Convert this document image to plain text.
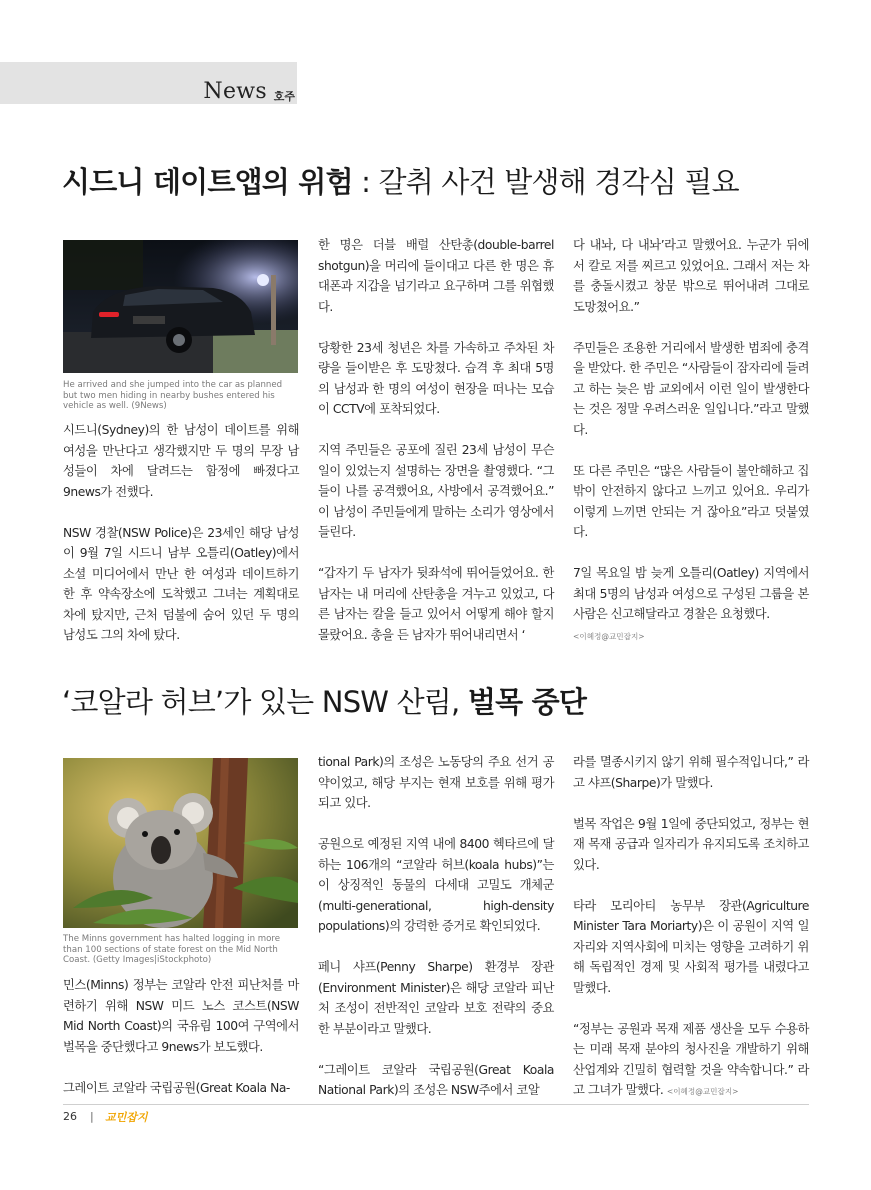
News 호주
시드니 데이트앱의 위험 : 갈취 사건 발생해 경각심 필요
He arrived and she jumped into the car as planned but two men hiding in nearby bushes entered his vehicle as well. (9News)

시드니(Sydney)의 한 남성이 데이트를 위해 여성을 만난다고 생각했지만 두 명의 무장 남성들이 차에 달려드는 함정에 빠졌다고 9news가 전했다.

NSW 경찰(NSW Police)은 23세인 해당 남성이 9월 7일 시드니 남부 오틀리(Oatley)에서 소셜 미디어에서 만난 한 여성과 데이트하기 한 후 약속장소에 도착했고 그녀는 계획대로 차에 탔지만, 근처 덤불에 숨어 있던 두 명의 남성도 그의 차에 탔다.

한 명은 더블 배럴 산탄총(double-barrel shotgun)을 머리에 들이대고 다른 한 명은 휴대폰과 지갑을 넘기라고 요구하며 그를 위협했다.

당황한 23세 청년은 차를 가속하고 주차된 차량을 들이받은 후 도망쳤다. 습격 후 최대 5명의 남성과 한 명의 여성이 현장을 떠나는 모습이 CCTV에 포착되었다.

지역 주민들은 공포에 질린 23세 남성이 무슨 일이 있었는지 설명하는 장면을 촬영했다. “그들이 나를 공격했어요, 사방에서 공격했어요.” 이 남성이 주민들에게 말하는 소리가 영상에서 들린다.

“갑자기 두 남자가 뒷좌석에 뛰어들었어요. 한 남자는 내 머리에 산탄총을 겨누고 있었고, 다른 남자는 칼을 들고 있어서 어떻게 해야 할지 몰랐어요. 총을 든 남자가 뛰어내리면서 ‘

다 내놔, 다 내놔’라고 말했어요. 누군가 뒤에서 칼로 저를 찌르고 있었어요. 그래서 저는 차를 충돌시켰고 창문 밖으로 뛰어내려 그대로 도망쳤어요.”

주민들은 조용한 거리에서 발생한 범죄에 충격을 받았다. 한 주민은 “사람들이 잠자리에 들려고 하는 늦은 밤 교외에서 이런 일이 발생한다는 것은 정말 우려스러운 일입니다.”라고 말했다.

또 다른 주민은 “많은 사람들이 불안해하고 집 밖이 안전하지 않다고 느끼고 있어요. 우리가 이렇게 느끼면 안되는 거 잖아요”라고 덧붙였다.

7일 목요일 밤 늦게 오틀리(Oatley) 지역에서 최대 5명의 남성과 여성으로 구성된 그룹을 본 사람은 신고해달라고 경찰은 요청했다.
<이혜정@교민잡지>

‘코알라 허브’가 있는 NSW 산림, 벌목 중단
The Minns government has halted logging in more than 100 sections of state forest on the Mid North Coast. (Getty Images|iStockphoto)

민스(Minns) 정부는 코알라 안전 피난처를 마련하기 위해 NSW 미드 노스 코스트(NSW Mid North Coast)의 국유림 100여 구역에서 벌목을 중단했다고 9news가 보도했다.

그레이트 코알라 국립공원(Great Koala Na-

tional Park)의 조성은 노동당의 주요 선거 공약이었고, 해당 부지는 현재 보호를 위해 평가되고 있다.

공원으로 예정된 지역 내에 8400 헥타르에 달하는 106개의 “코알라 허브(koala hubs)”는 이 상징적인 동물의 다세대 고밀도 개체군(multi-generational, high-density populations)의 강력한 증거로 확인되었다.

페니 샤프(Penny Sharpe) 환경부 장관(Environment Minister)은 해당 코알라 피난처 조성이 전반적인 코알라 보호 전략의 중요한 부분이라고 말했다.

“그레이트 코알라 국립공원(Great Koala National Park)의 조성은 NSW주에서 코알

라를 멸종시키지 않기 위해 필수적입니다,” 라고 샤프(Sharpe)가 말했다.

벌목 작업은 9월 1일에 중단되었고, 정부는 현재 목재 공급과 일자리가 유지되도록 조치하고 있다.

타라 모리아티 농무부 장관(Agriculture Minister Tara Moriarty)은 이 공원이 지역 일자리와 지역사회에 미치는 영향을 고려하기 위해 독립적인 경제 및 사회적 평가를 내렸다고 말했다.

“정부는 공원과 목재 제품 생산을 모두 수용하는 미래 목재 분야의 청사진을 개발하기 위해 산업계와 긴밀히 협력할 것을 약속합니다.” 라고 그녀가 말했다. <이혜정@교민잡지>

26 | 교민잡지
